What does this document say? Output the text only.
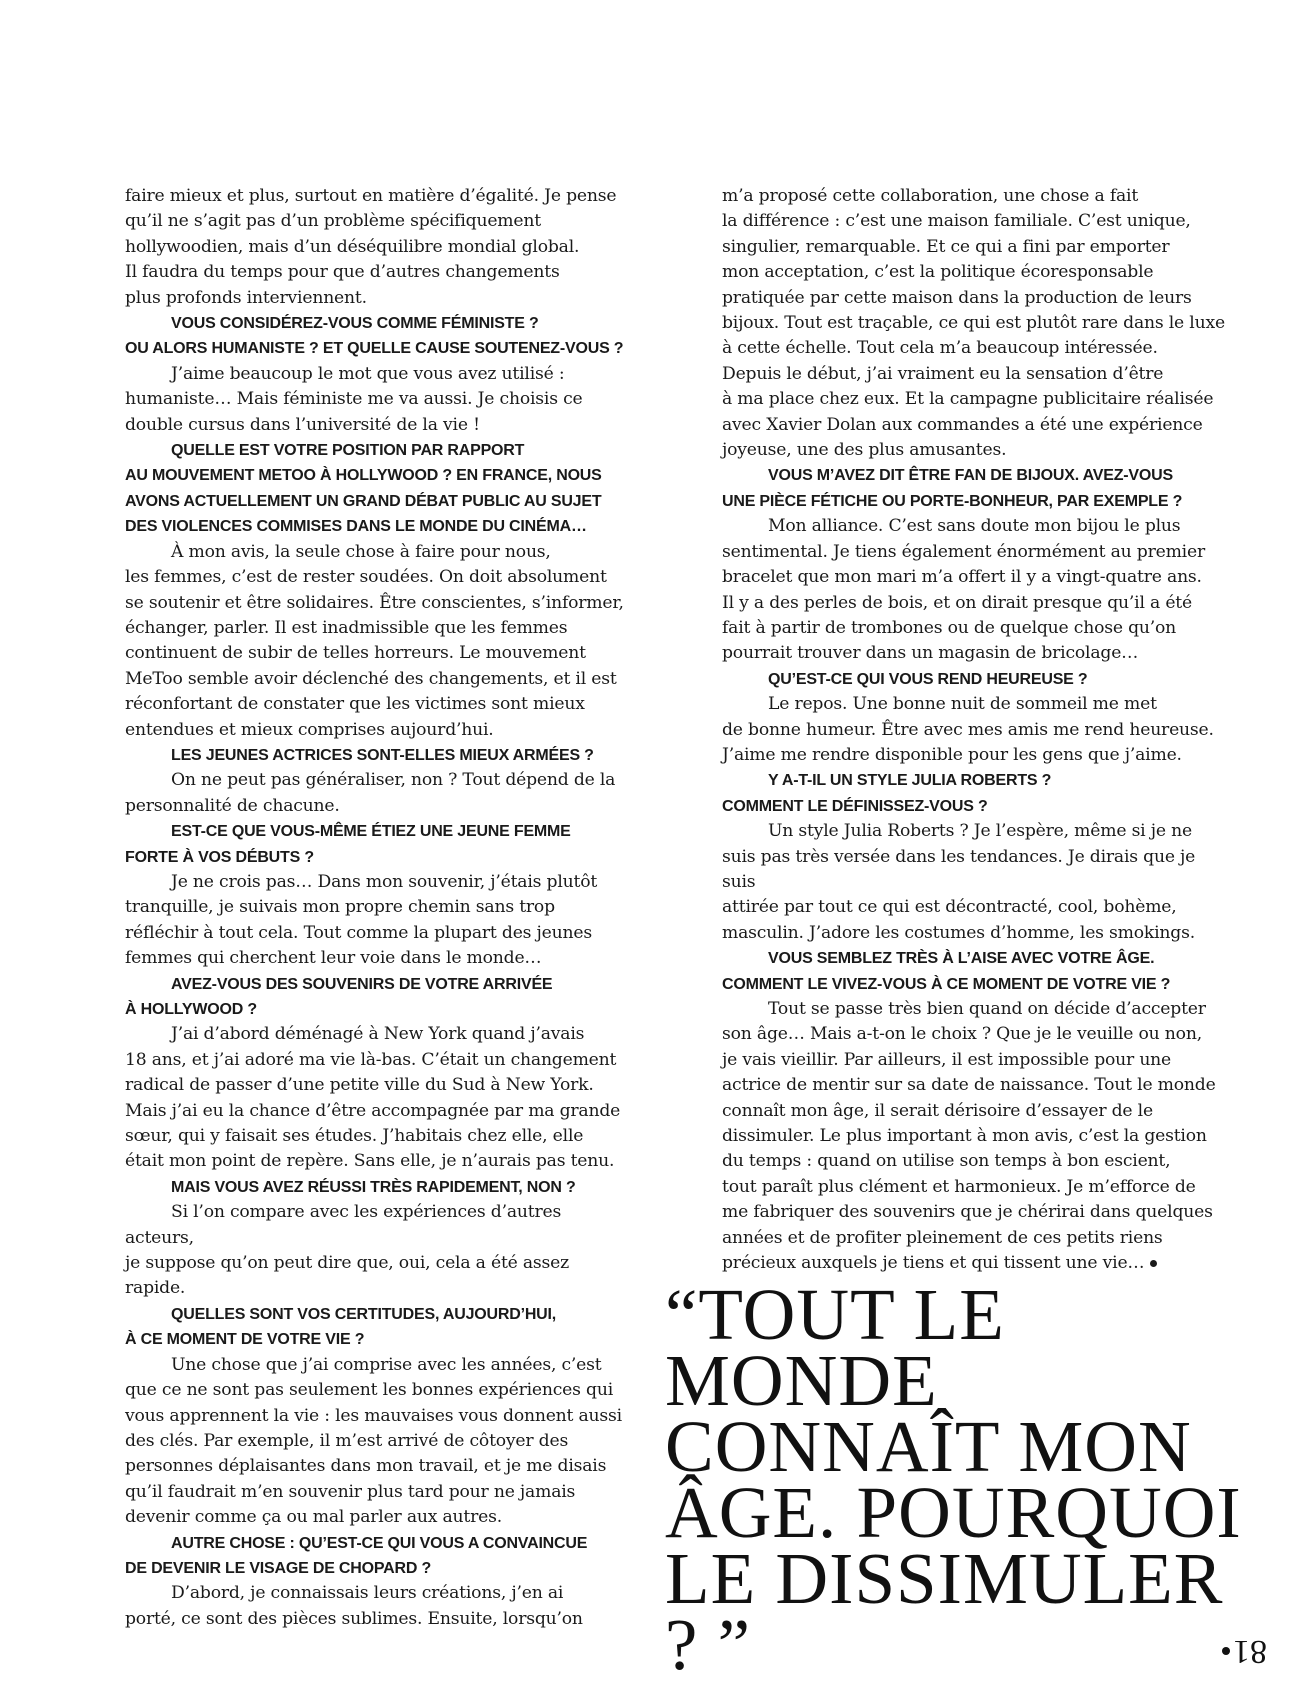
faire mieux et plus, surtout en matière d’égalité. Je pense
qu’il ne s’agit pas d’un problème spécifiquement
hollywoodien, mais d’un déséquilibre mondial global.
Il faudra du temps pour que d’autres changements
plus profonds interviennent.

VOUS CONSIDÉREZ-VOUS COMME FÉMINISTE ?
OU ALORS HUMANISTE ? ET QUELLE CAUSE SOUTENEZ-VOUS ?

J’aime beaucoup le mot que vous avez utilisé :
humaniste… Mais féministe me va aussi. Je choisis ce
double cursus dans l’université de la vie !

QUELLE EST VOTRE POSITION PAR RAPPORT
AU MOUVEMENT METOO À HOLLYWOOD ? EN FRANCE, NOUS
AVONS ACTUELLEMENT UN GRAND DÉBAT PUBLIC AU SUJET
DES VIOLENCES COMMISES DANS LE MONDE DU CINÉMA…

À mon avis, la seule chose à faire pour nous,
les femmes, c’est de rester soudées. On doit absolument
se soutenir et être solidaires. Être conscientes, s’informer,
échanger, parler. Il est inadmissible que les femmes
continuent de subir de telles horreurs. Le mouvement
MeToo semble avoir déclenché des changements, et il est
réconfortant de constater que les victimes sont mieux
entendues et mieux comprises aujourd’hui.

LES JEUNES ACTRICES SONT-ELLES MIEUX ARMÉES ?

On ne peut pas généraliser, non ? Tout dépend de la
personnalité de chacune.

EST-CE QUE VOUS-MÊME ÉTIEZ UNE JEUNE FEMME
FORTE À VOS DÉBUTS ?

Je ne crois pas… Dans mon souvenir, j’étais plutôt
tranquille, je suivais mon propre chemin sans trop
réfléchir à tout cela. Tout comme la plupart des jeunes
femmes qui cherchent leur voie dans le monde…

AVEZ-VOUS DES SOUVENIRS DE VOTRE ARRIVÉE
À HOLLYWOOD ?

J’ai d’abord déménagé à New York quand j’avais
18 ans, et j’ai adoré ma vie là-bas. C’était un changement
radical de passer d’une petite ville du Sud à New York.
Mais j’ai eu la chance d’être accompagnée par ma grande
sœur, qui y faisait ses études. J’habitais chez elle, elle
était mon point de repère. Sans elle, je n’aurais pas tenu.

MAIS VOUS AVEZ RÉUSSI TRÈS RAPIDEMENT, NON ?

Si l’on compare avec les expériences d’autres acteurs,
je suppose qu’on peut dire que, oui, cela a été assez rapide.

QUELLES SONT VOS CERTITUDES, AUJOURD’HUI,
À CE MOMENT DE VOTRE VIE ?

Une chose que j’ai comprise avec les années, c’est
que ce ne sont pas seulement les bonnes expériences qui
vous apprennent la vie : les mauvaises vous donnent aussi
des clés. Par exemple, il m’est arrivé de côtoyer des
personnes déplaisantes dans mon travail, et je me disais
qu’il faudrait m’en souvenir plus tard pour ne jamais
devenir comme ça ou mal parler aux autres.

AUTRE CHOSE : QU’EST-CE QUI VOUS A CONVAINCUE
DE DEVENIR LE VISAGE DE CHOPARD ?

D’abord, je connaissais leurs créations, j’en ai
porté, ce sont des pièces sublimes. Ensuite, lorsqu’on

m’a proposé cette collaboration, une chose a fait
la différence : c’est une maison familiale. C’est unique,
singulier, remarquable. Et ce qui a fini par emporter
mon acceptation, c’est la politique écoresponsable
pratiquée par cette maison dans la production de leurs
bijoux. Tout est traçable, ce qui est plutôt rare dans le luxe
à cette échelle. Tout cela m’a beaucoup intéressée.
Depuis le début, j’ai vraiment eu la sensation d’être
à ma place chez eux. Et la campagne publicitaire réalisée
avec Xavier Dolan aux commandes a été une expérience
joyeuse, une des plus amusantes.

VOUS M’AVEZ DIT ÊTRE FAN DE BIJOUX. AVEZ-VOUS
UNE PIÈCE FÉTICHE OU PORTE-BONHEUR, PAR EXEMPLE ?

Mon alliance. C’est sans doute mon bijou le plus
sentimental. Je tiens également énormément au premier
bracelet que mon mari m’a offert il y a vingt-quatre ans.
Il y a des perles de bois, et on dirait presque qu’il a été
fait à partir de trombones ou de quelque chose qu’on
pourrait trouver dans un magasin de bricolage…

QU’EST-CE QUI VOUS REND HEUREUSE ?

Le repos. Une bonne nuit de sommeil me met
de bonne humeur. Être avec mes amis me rend heureuse.
J’aime me rendre disponible pour les gens que j’aime.

Y A-T-IL UN STYLE JULIA ROBERTS ?
COMMENT LE DÉFINISSEZ-VOUS ?

Un style Julia Roberts ? Je l’espère, même si je ne
suis pas très versée dans les tendances. Je dirais que je suis
attirée par tout ce qui est décontracté, cool, bohème,
masculin. J’adore les costumes d’homme, les smokings.

VOUS SEMBLEZ TRÈS À L’AISE AVEC VOTRE ÂGE.
COMMENT LE VIVEZ-VOUS À CE MOMENT DE VOTRE VIE ?

Tout se passe très bien quand on décide d’accepter
son âge… Mais a-t-on le choix ? Que je le veuille ou non,
je vais vieillir. Par ailleurs, il est impossible pour une
actrice de mentir sur sa date de naissance. Tout le monde
connaît mon âge, il serait dérisoire d’essayer de le
dissimuler. Le plus important à mon avis, c’est la gestion
du temps : quand on utilise son temps à bon escient,
tout paraît plus clément et harmonieux. Je m’efforce de
me fabriquer des souvenirs que je chérirai dans quelques
années et de profiter pleinement de ces petits riens
précieux auxquels je tiens et qui tissent une vie…

“TOUT LE MONDE
CONNAÎT MON
ÂGE. POURQUOI
LE DISSIMULER ? ”	81
